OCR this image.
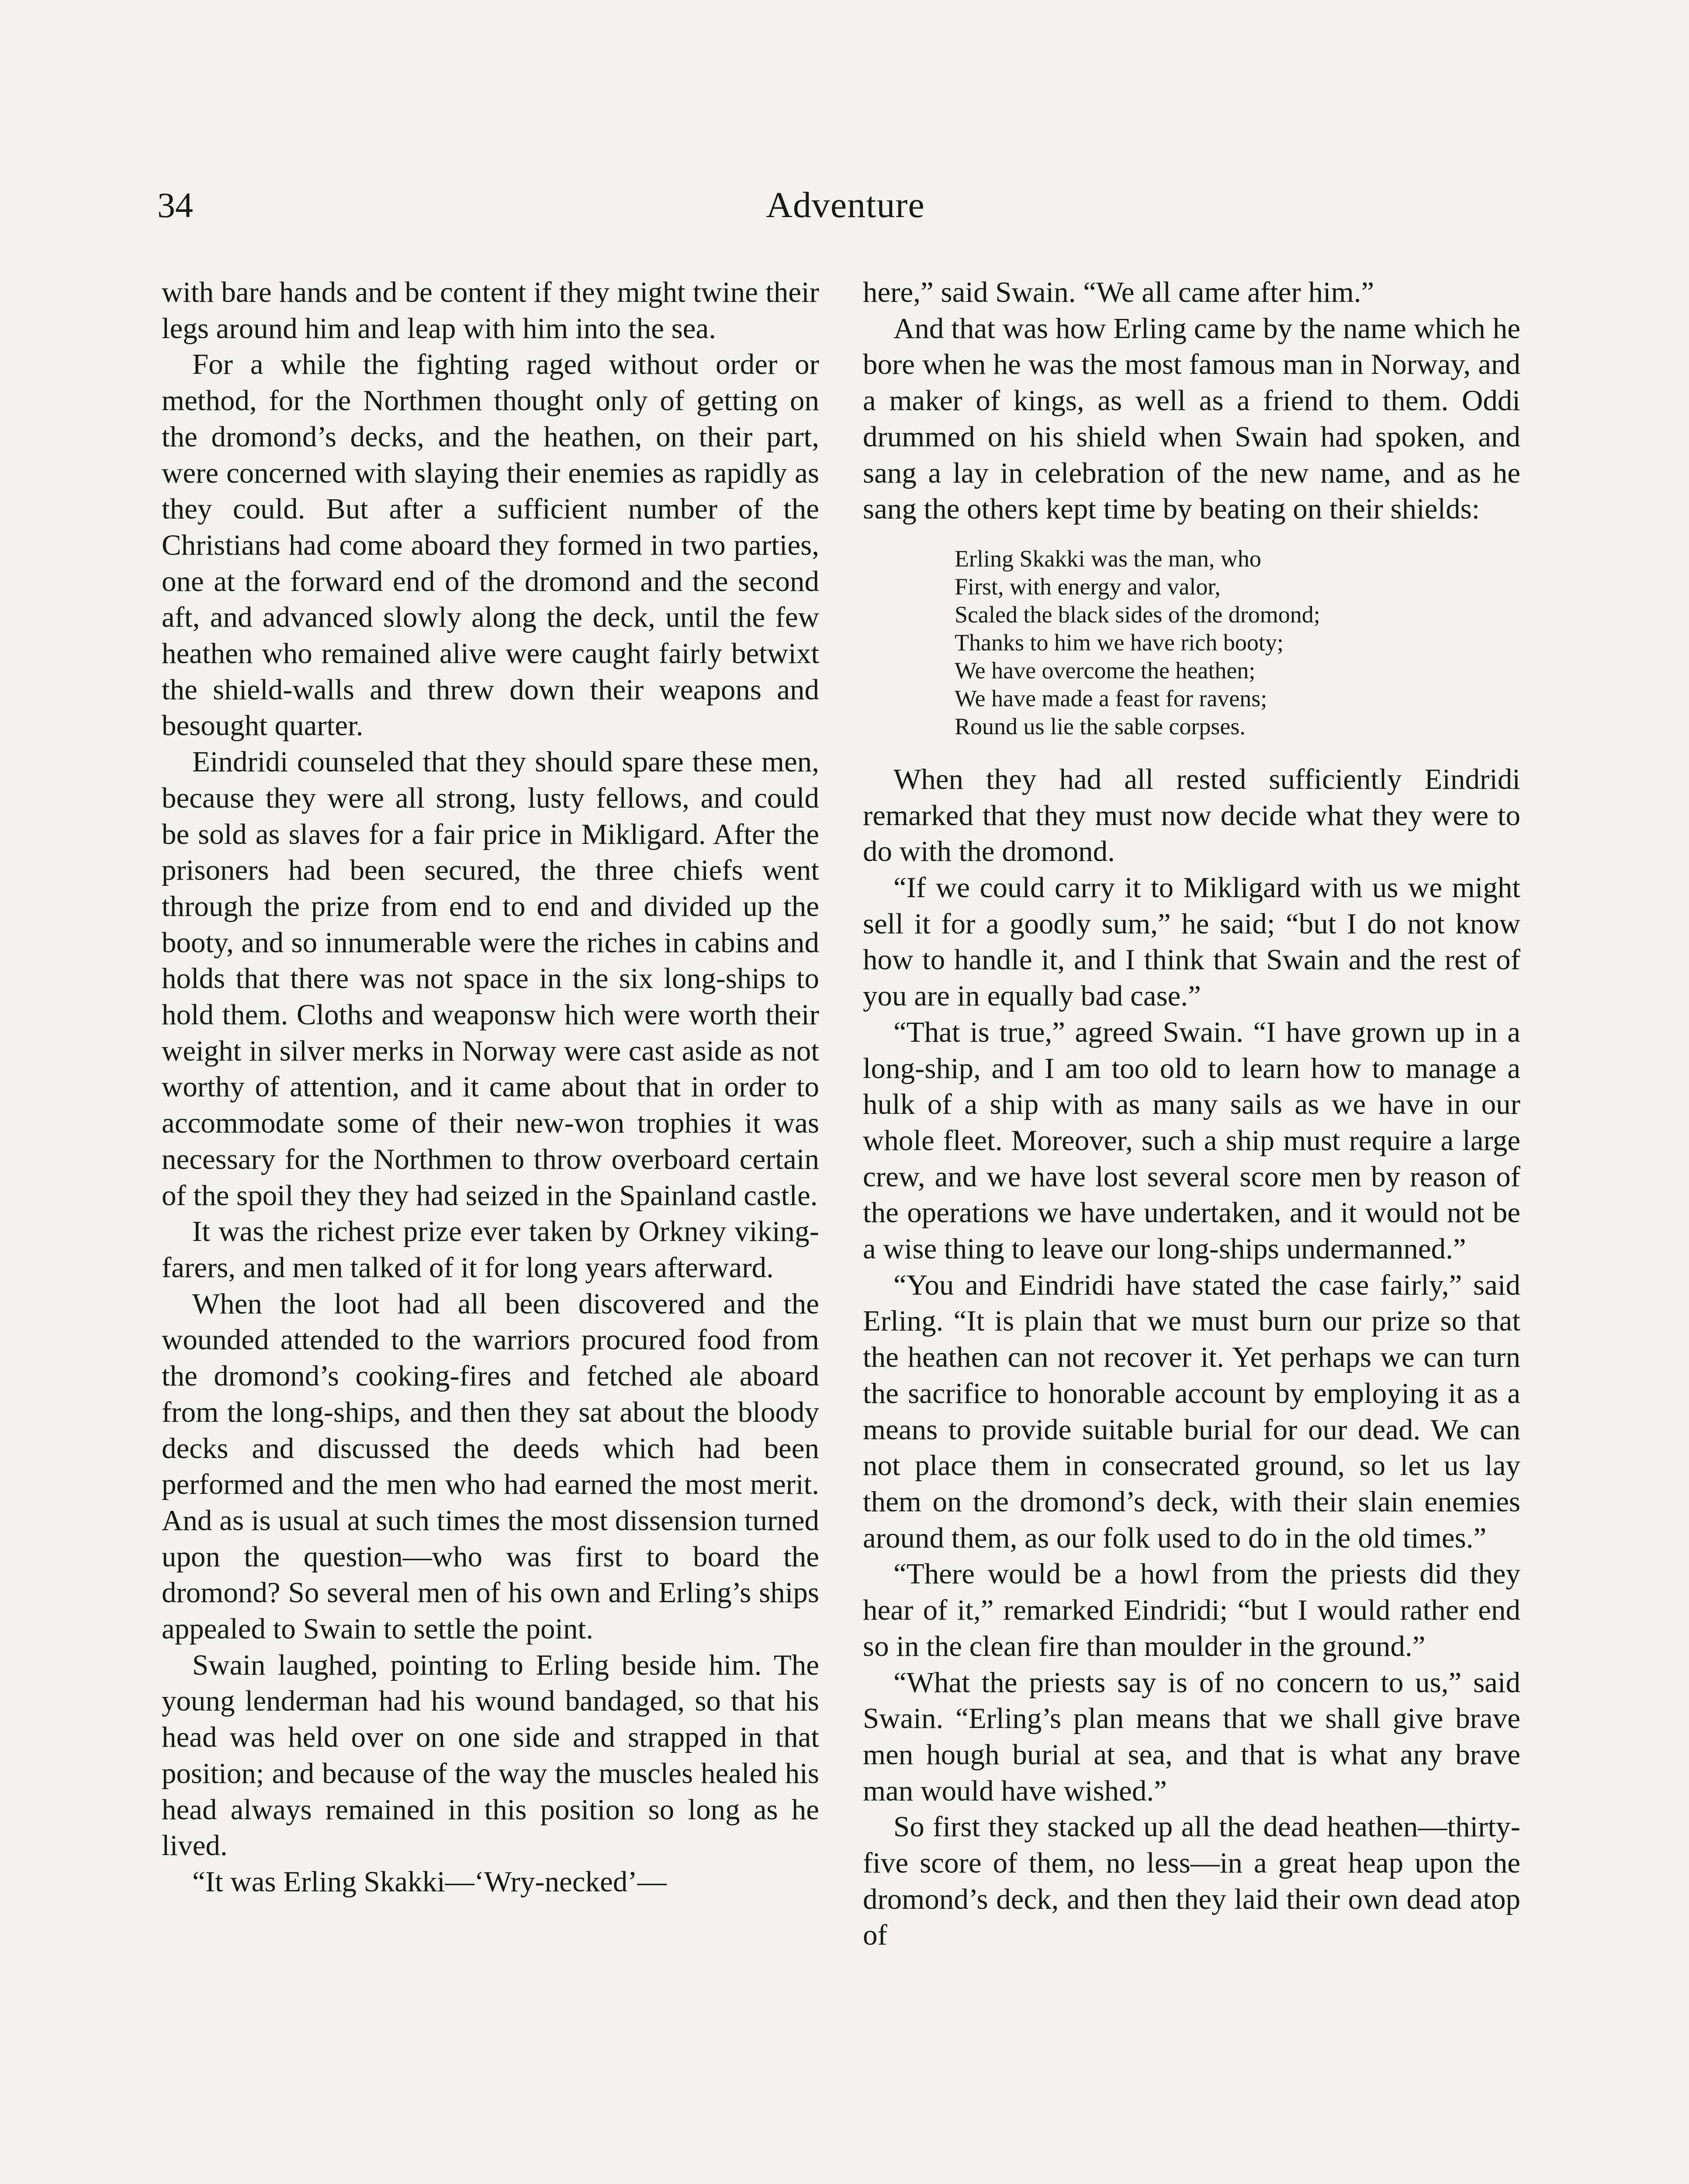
34	Adventure

with bare hands and be content if they might twine their legs around him and leap with him into the sea.

For a while the fighting raged without order or method, for the Northmen thought only of getting on the dromond’s decks, and the heathen, on their part, were concerned with slaying their enemies as rapidly as they could. But after a sufficient number of the Christians had come aboard they formed in two parties, one at the forward end of the dromond and the second aft, and advanced slowly along the deck, until the few heathen who remained alive were caught fairly betwixt the shield-walls and threw down their weapons and besought quarter.

Eindridi counseled that they should spare these men, because they were all strong, lusty fellows, and could be sold as slaves for a fair price in Mikligard. After the prisoners had been secured, the three chiefs went through the prize from end to end and divided up the booty, and so innumerable were the riches in cabins and holds that there was not space in the six long-ships to hold them. Cloths and weaponsw hich were worth their weight in silver merks in Norway were cast aside as not worthy of attention, and it came about that in order to accommodate some of their new-won trophies it was necessary for the Northmen to throw overboard certain of the spoil they they had seized in the Spainland castle.

It was the richest prize ever taken by Orkney viking-farers, and men talked of it for long years afterward.

When the loot had all been discovered and the wounded attended to the warriors procured food from the dromond’s cooking-fires and fetched ale aboard from the long-ships, and then they sat about the bloody decks and discussed the deeds which had been performed and the men who had earned the most merit. And as is usual at such times the most dissension turned upon the question—who was first to board the dromond? So several men of his own and Erling’s ships appealed to Swain to settle the point.

Swain laughed, pointing to Erling beside him. The young lenderman had his wound bandaged, so that his head was held over on one side and strapped in that position; and because of the way the muscles healed his head always remained in this position so long as he lived.

“It was Erling Skakki—‘Wry-necked’—

here,” said Swain. “We all came after him.”

And that was how Erling came by the name which he bore when he was the most famous man in Norway, and a maker of kings, as well as a friend to them. Oddi drummed on his shield when Swain had spoken, and sang a lay in celebration of the new name, and as he sang the others kept time by beating on their shields:

Erling Skakki was the man, who
First, with energy and valor,
Scaled the black sides of the dromond;
Thanks to him we have rich booty;
We have overcome the heathen;
We have made a feast for ravens;
Round us lie the sable corpses.

When they had all rested sufficiently Eindridi remarked that they must now decide what they were to do with the dromond.

“If we could carry it to Mikligard with us we might sell it for a goodly sum,” he said; “but I do not know how to handle it, and I think that Swain and the rest of you are in equally bad case.”

“That is true,” agreed Swain. “I have grown up in a long-ship, and I am too old to learn how to manage a hulk of a ship with as many sails as we have in our whole fleet. Moreover, such a ship must require a large crew, and we have lost several score men by reason of the operations we have undertaken, and it would not be a wise thing to leave our long-ships undermanned.”

“You and Eindridi have stated the case fairly,” said Erling. “It is plain that we must burn our prize so that the heathen can not recover it. Yet perhaps we can turn the sacrifice to honorable account by employing it as a means to provide suitable burial for our dead. We can not place them in consecrated ground, so let us lay them on the dromond’s deck, with their slain enemies around them, as our folk used to do in the old times.”

“There would be a howl from the priests did they hear of it,” remarked Eindridi; “but I would rather end so in the clean fire than moulder in the ground.”

“What the priests say is of no concern to us,” said Swain. “Erling’s plan means that we shall give brave men hough burial at sea, and that is what any brave man would have wished.”

So first they stacked up all the dead heathen—thirty-five score of them, no less—in a great heap upon the dromond’s deck, and then they laid their own dead atop of
